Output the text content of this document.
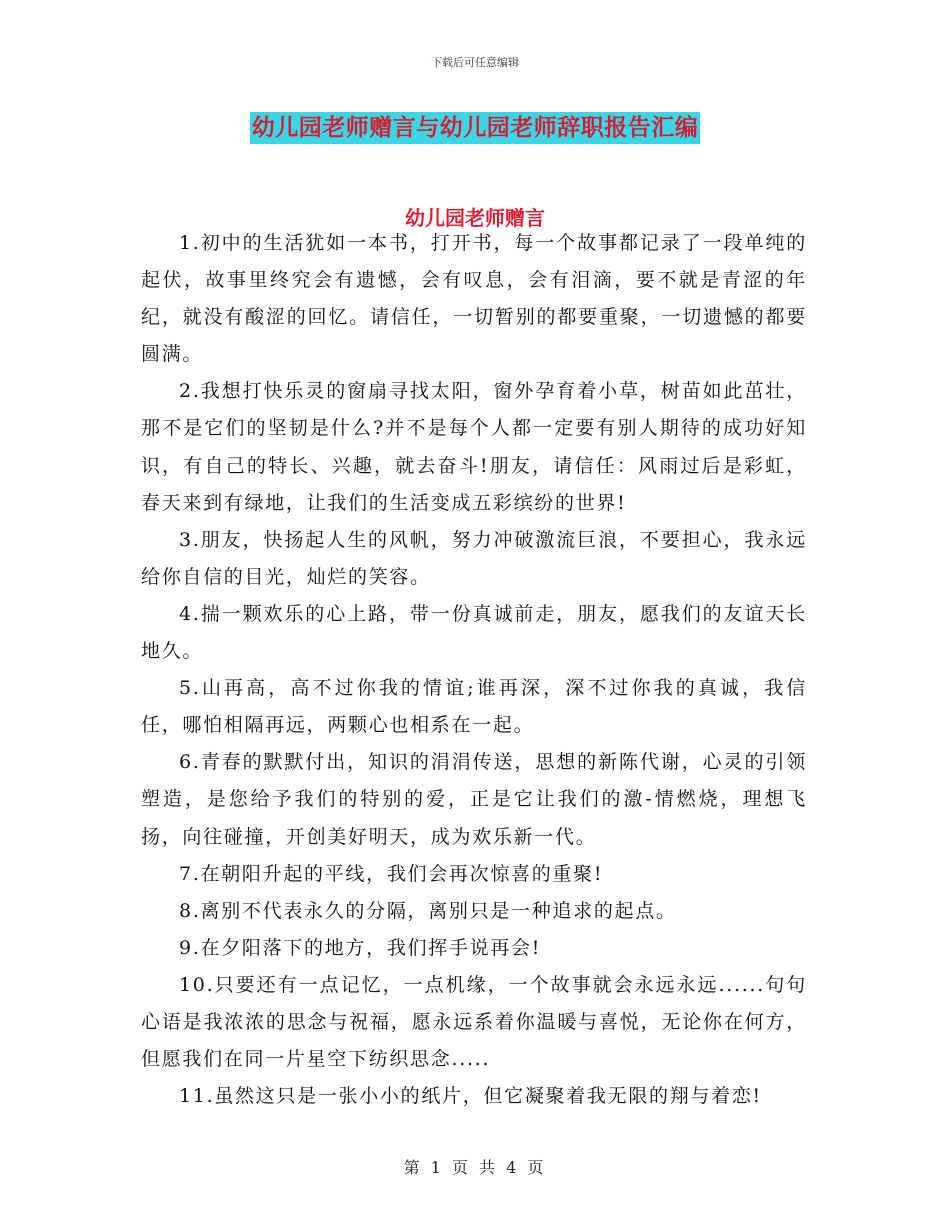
下载后可任意编辑
幼儿园老师赠言与幼儿园老师辞职报告汇编
幼儿园老师赠言

1.初中的生活犹如一本书，打开书，每一个故事都记录了一段单纯的起伏，故事里终究会有遗憾，会有叹息，会有泪滴，要不就是青涩的年纪，就没有酸涩的回忆。请信任，一切暂别的都要重聚，一切遗憾的都要圆满。

2.我想打快乐灵的窗扇寻找太阳，窗外孕育着小草，树苗如此茁壮，那不是它们的坚韧是什么?并不是每个人都一定要有别人期待的成功好知识，有自己的特长、兴趣，就去奋斗!朋友，请信任：风雨过后是彩虹，春天来到有绿地，让我们的生活变成五彩缤纷的世界!

3.朋友，快扬起人生的风帆，努力冲破激流巨浪，不要担心，我永远给你自信的目光，灿烂的笑容。

4.揣一颗欢乐的心上路，带一份真诚前走，朋友，愿我们的友谊天长地久。

5.山再高，高不过你我的情谊;谁再深，深不过你我的真诚，我信任，哪怕相隔再远，两颗心也相系在一起。

6.青春的默默付出，知识的涓涓传送，思想的新陈代谢，心灵的引领塑造，是您给予我们的特别的爱，正是它让我们的激-情燃烧，理想飞扬，向往碰撞，开创美好明天，成为欢乐新一代。

7.在朝阳升起的平线，我们会再次惊喜的重聚!

8.离别不代表永久的分隔，离别只是一种追求的起点。

9.在夕阳落下的地方，我们挥手说再会!

10.只要还有一点记忆，一点机缘，一个故事就会永远永远......句句心语是我浓浓的思念与祝福，愿永远系着你温暖与喜悦，无论你在何方，但愿我们在同一片星空下纺织思念.....

11.虽然这只是一张小小的纸片，但它凝聚着我无限的翔与着恋!

第 1 页 共 4 页
